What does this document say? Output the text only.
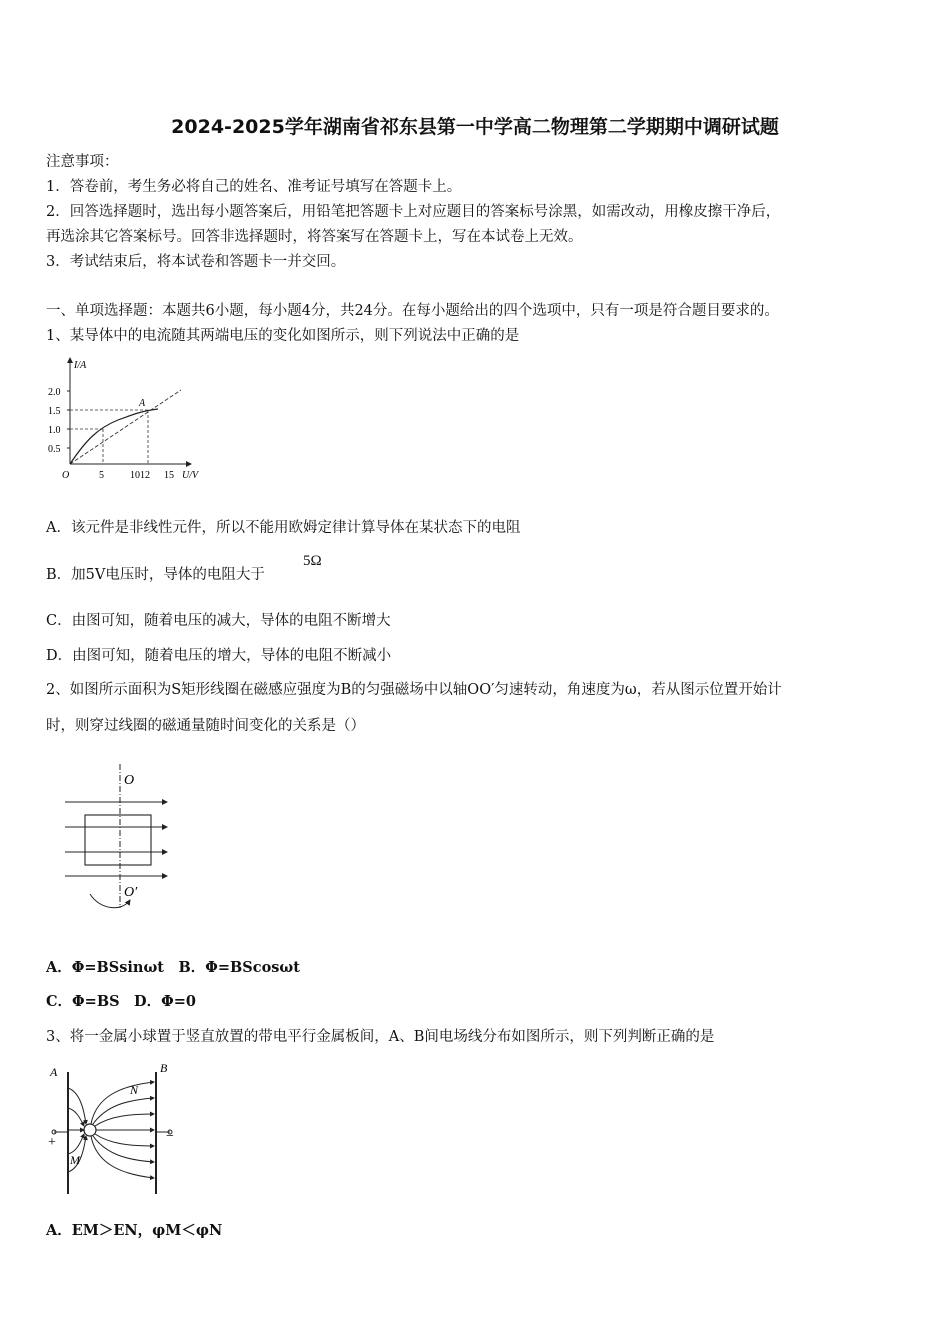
2024-2025学年湖南省祁东县第一中学高二物理第二学期期中调研试题
注意事项：
1．答卷前，考生务必将自己的姓名、准考证号填写在答题卡上。
2．回答选择题时，选出每小题答案后，用铅笔把答题卡上对应题目的答案标号涂黑，如需改动，用橡皮擦干净后，
再选涂其它答案标号。回答非选择题时，将答案写在答题卡上，写在本试卷上无效。
3．考试结束后，将本试卷和答题卡一并交回。
一、单项选择题：本题共6小题，每小题4分，共24分。在每小题给出的四个选项中，只有一项是符合题目要求的。
1、某导体中的电流随其两端电压的变化如图所示，则下列说法中正确的是
I/A
2.0
1.5
1.0
0.5
O	5	1012 15 U/V
A
A．该元件是非线性元件，所以不能用欧姆定律计算导体在某状态下的电阻
B．加5V电压时，导体的电阻大于
5Ω
C．由图可知，随着电压的减大，导体的电阻不断增大
D．由图可知，随着电压的增大，导体的电阻不断减小
2、如图所示面积为S矩形线圈在磁感应强度为B的匀强磁场中以轴OO′匀速转动，角速度为ω，若从图示位置开始计
时，则穿过线圈的磁通量随时间变化的关系是（）
O
O′
A．Φ=BSsinωt　B．Φ=BScosωt
C．Φ=BS　D．Φ=0
3、将一金属小球置于竖直放置的带电平行金属板间，A、B间电场线分布如图所示，则下列判断正确的是
A	B
N
M
+	−
A．EM＞EN，φM＜φN
